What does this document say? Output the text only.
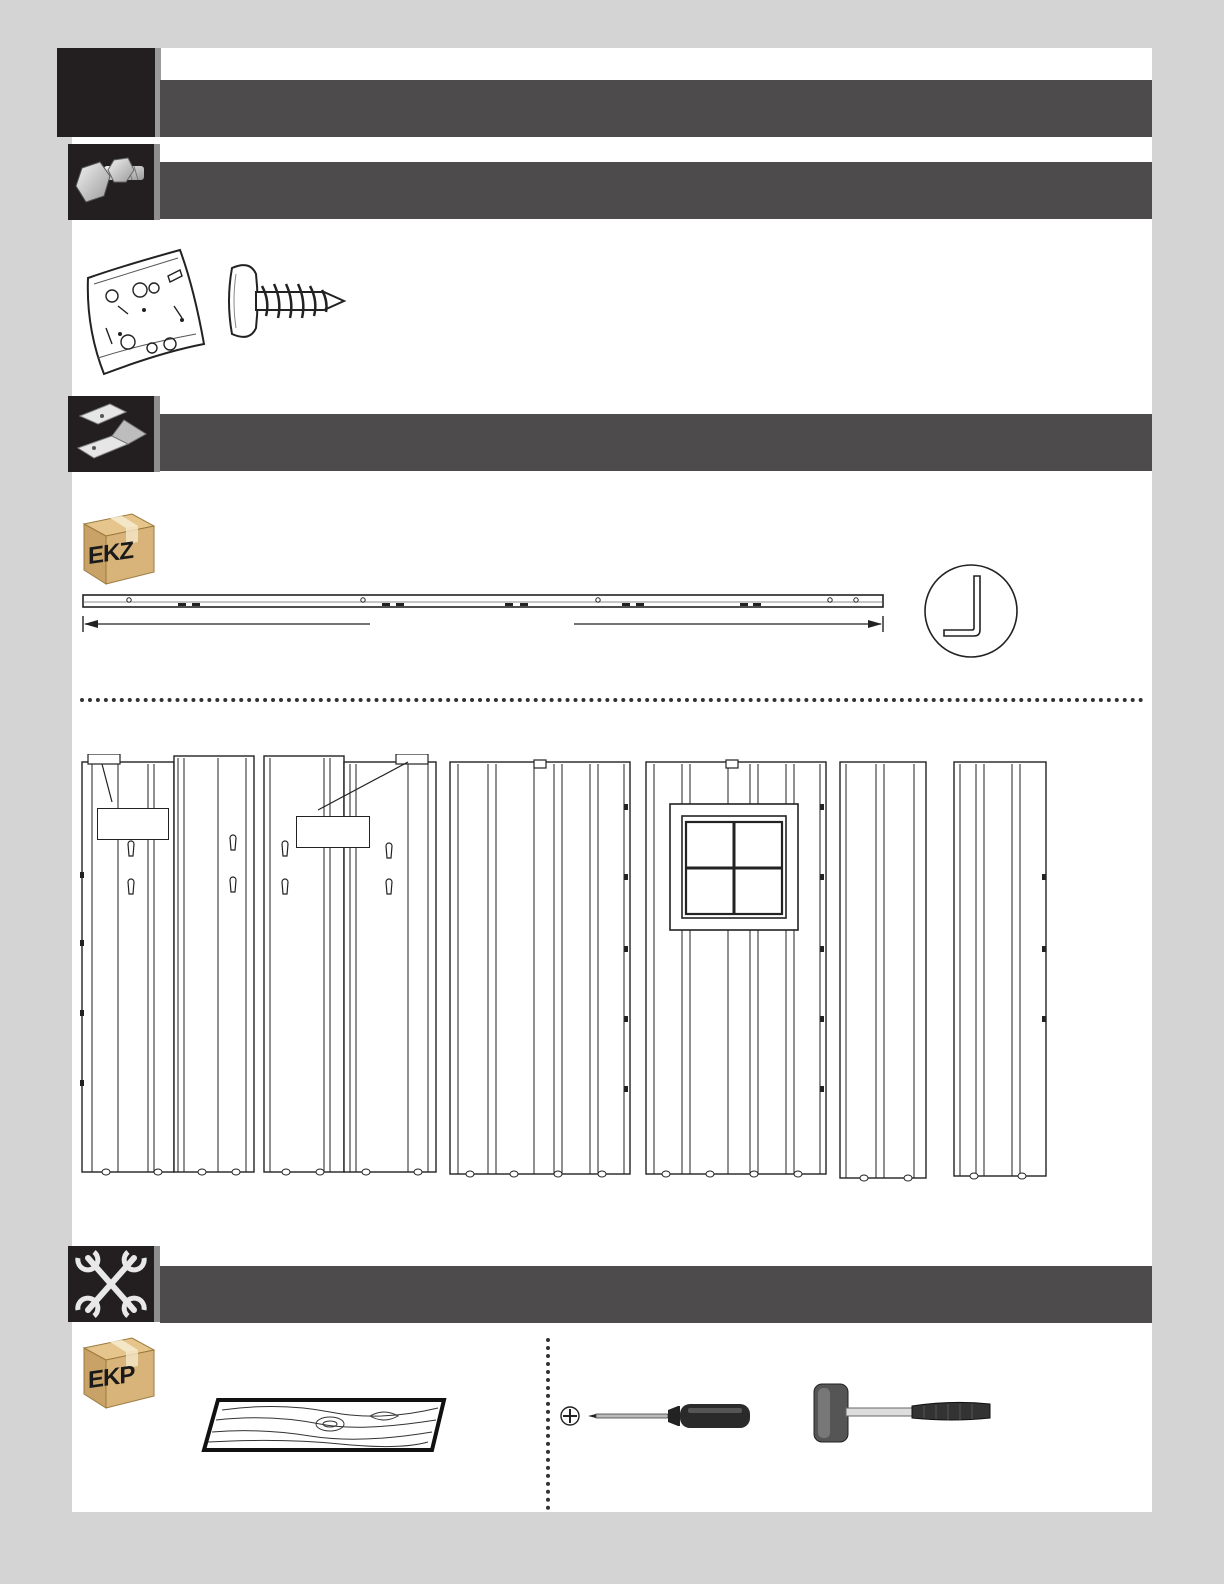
EKZ
EKP
